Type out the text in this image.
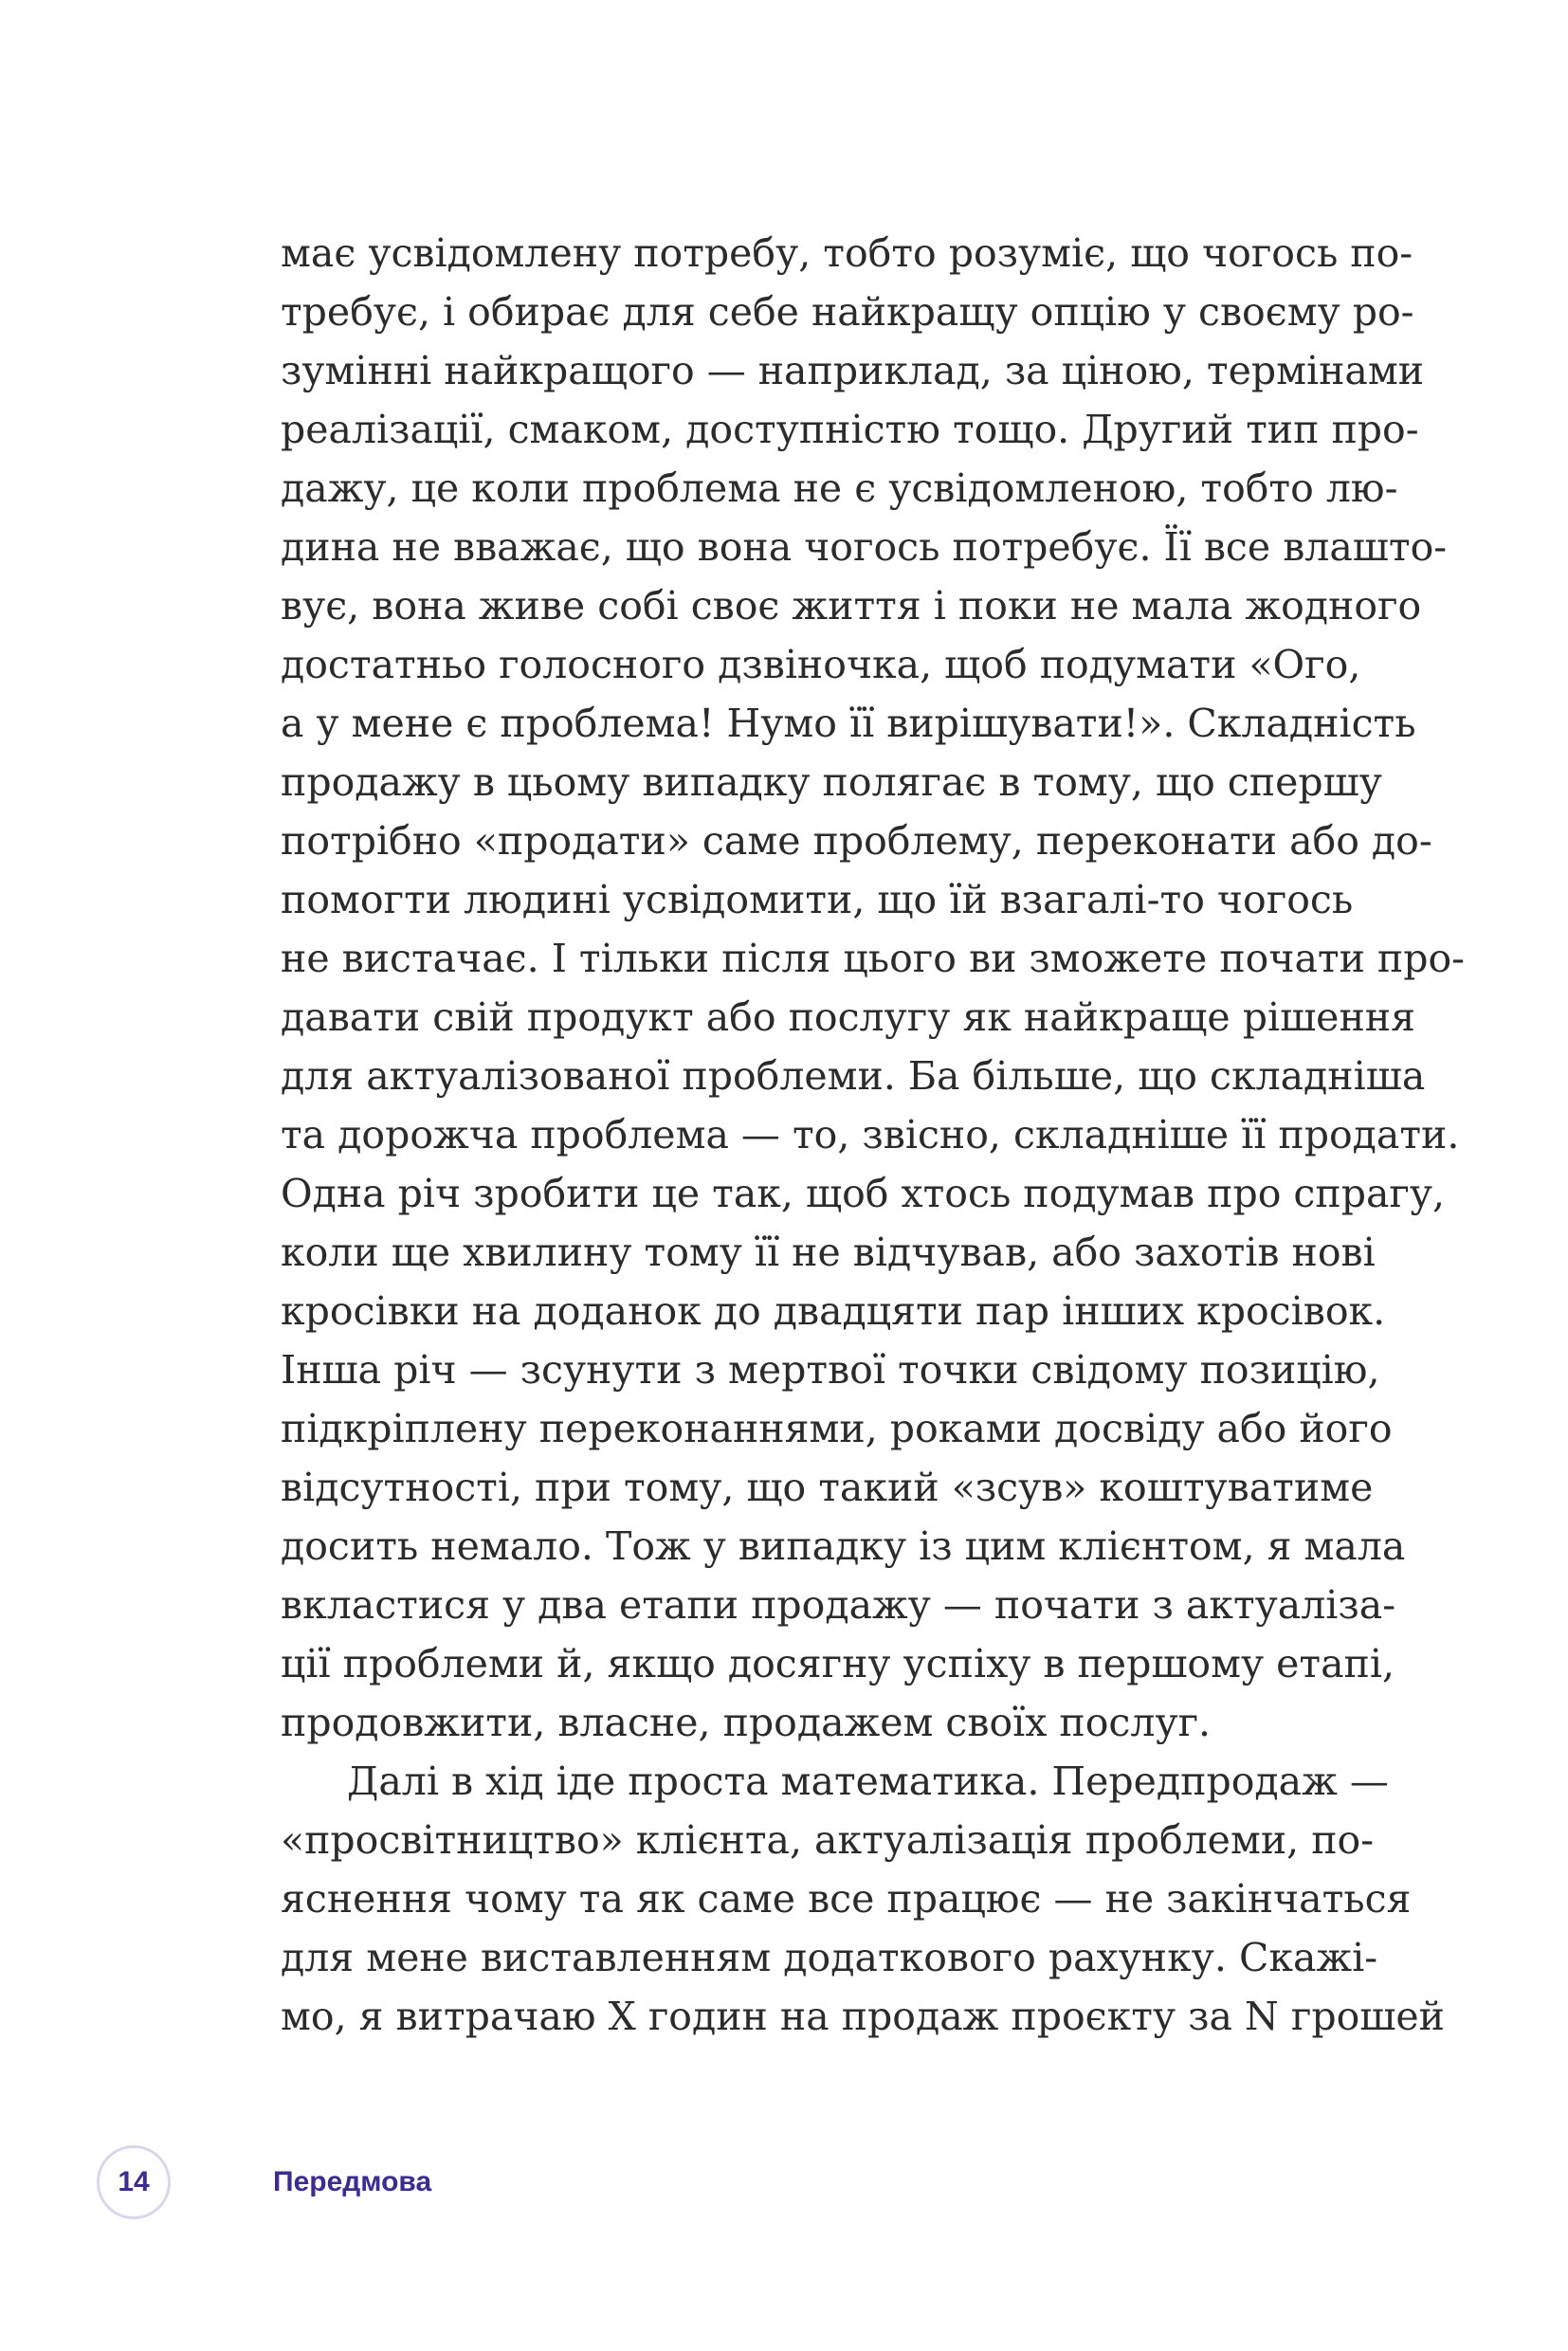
має усвідомлену потребу, тобто розуміє, що чогось по-
требує, і обирає для себе найкращу опцію у своєму ро-
зумінні найкращого — наприклад, за ціною, термінами
реалізації, смаком, доступністю тощо. Другий тип про-
дажу, це коли проблема не є усвідомленою, тобто лю-
дина не вважає, що вона чогось потребує. Її все влашто-
вує, вона живе собі своє життя і поки не мала жодного
достатньо голосного дзвіночка, щоб подумати «Ого,
а у мене є проблема! Нумо її вирішувати!». Складність
продажу в цьому випадку полягає в тому, що спершу
потрібно «продати» саме проблему, переконати або до-
помогти людині усвідомити, що їй взагалі-то чогось
не вистачає. І тільки після цього ви зможете почати про-
давати свій продукт або послугу як найкраще рішення
для актуалізованої проблеми. Ба більше, що складніша
та дорожча проблема — то, звісно, складніше її продати.
Одна річ зробити це так, щоб хтось подумав про спрагу,
коли ще хвилину тому її не відчував, або захотів нові
кросівки на доданок до двадцяти пар інших кросівок.
Інша річ — зсунути з мертвої точки свідому позицію,
підкріплену переконаннями, роками досвіду або його
відсутності, при тому, що такий «зсув» коштуватиме
досить немало. Тож у випадку із цим клієнтом, я мала
вкластися у два етапи продажу — почати з актуаліза-
ції проблеми й, якщо досягну успіху в першому етапі,
продовжити, власне, продажем своїх послуг.
Далі в хід іде проста математика. Передпродаж —
«просвітництво» клієнта, актуалізація проблеми, по-
яснення чому та як саме все працює — не закінчаться
для мене виставленням додаткового рахунку. Скажі-
мо, я витрачаю X годин на продаж проєкту за N грошей
14	Передмова
